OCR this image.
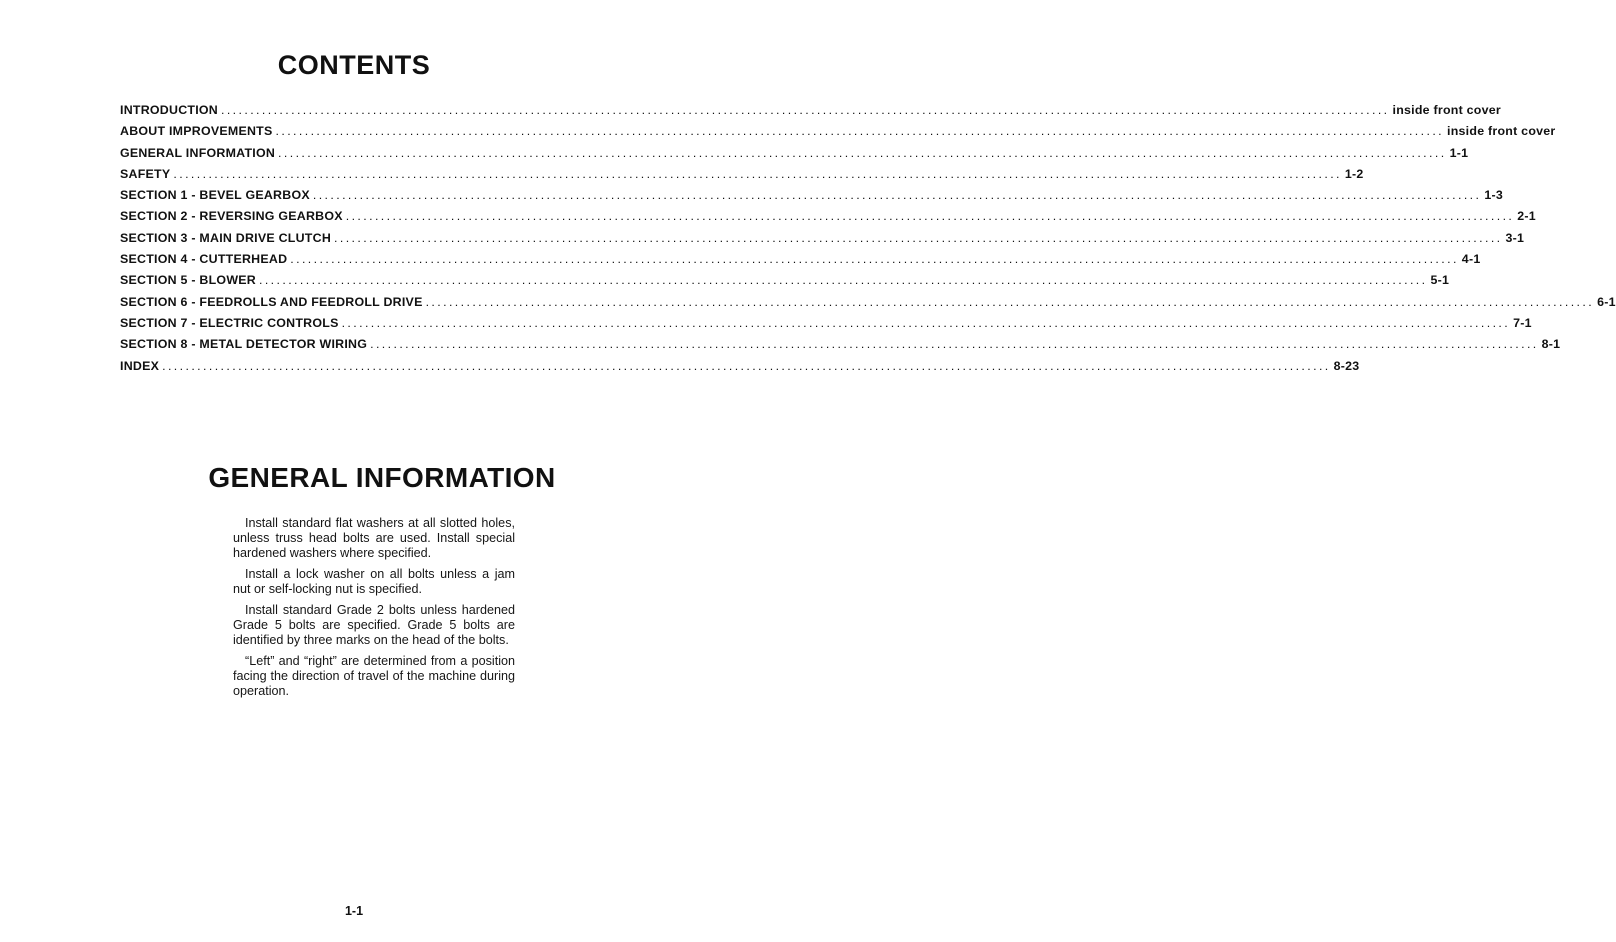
CONTENTS
INTRODUCTION ........................................................................................................................................................................................................ inside front cover
ABOUT IMPROVEMENTS ........................................................................................................................................................................................................ inside front cover
GENERAL INFORMATION ........................................................................................................................................................................................................ 1-1
SAFETY ........................................................................................................................................................................................................ 1-2
SECTION 1 - BEVEL GEARBOX ........................................................................................................................................................................................................ 1-3
SECTION 2 - REVERSING GEARBOX ........................................................................................................................................................................................................ 2-1
SECTION 3 - MAIN DRIVE CLUTCH ........................................................................................................................................................................................................ 3-1
SECTION 4 - CUTTERHEAD ........................................................................................................................................................................................................ 4-1
SECTION 5 - BLOWER ........................................................................................................................................................................................................ 5-1
SECTION 6 - FEEDROLLS AND FEEDROLL DRIVE ........................................................................................................................................................................................................ 6-1
SECTION 7 - ELECTRIC CONTROLS ........................................................................................................................................................................................................ 7-1
SECTION 8 - METAL DETECTOR WIRING ........................................................................................................................................................................................................ 8-1
INDEX ........................................................................................................................................................................................................ 8-23
GENERAL INFORMATION

Install standard flat washers at all slotted holes, unless truss head bolts are used. Install special hardened washers where specified.

Install a lock washer on all bolts unless a jam nut or self-locking nut is specified.

Install standard Grade 2 bolts unless hardened Grade 5 bolts are specified. Grade 5 bolts are identified by three marks on the head of the bolts.

“Left” and “right” are determined from a position facing the direction of travel of the machine during operation.

1-1
